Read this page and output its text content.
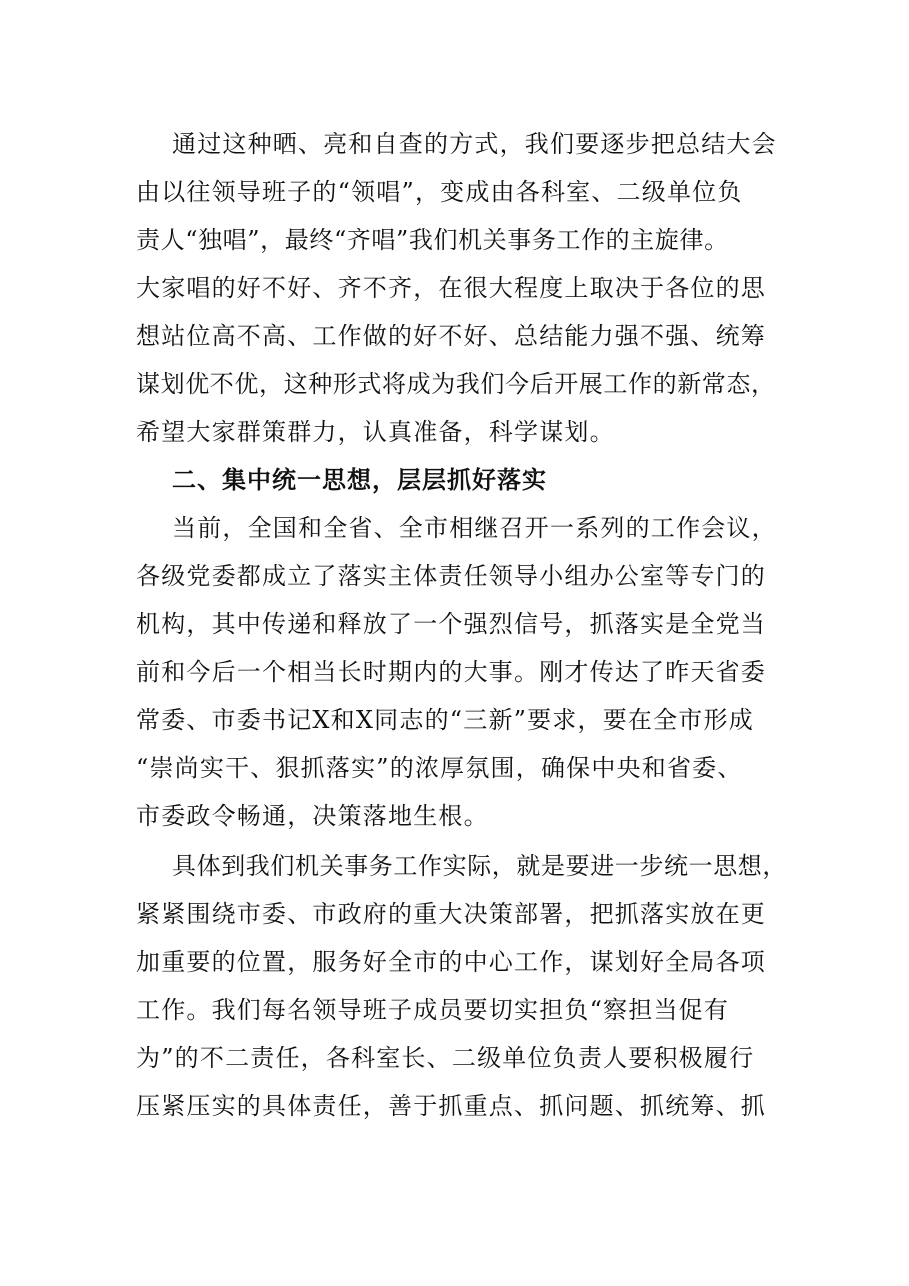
通过这种晒、亮和自查的方式，我们要逐步把总结大会
由以往领导班子的“领唱”，变成由各科室、二级单位负
责人“独唱”，最终“齐唱”我们机关事务工作的主旋律。
大家唱的好不好、齐不齐，在很大程度上取决于各位的思
想站位高不高、工作做的好不好、总结能力强不强、统筹
谋划优不优，这种形式将成为我们今后开展工作的新常态，
希望大家群策群力，认真准备，科学谋划。
二、集中统一思想，层层抓好落实
当前，全国和全省、全市相继召开一系列的工作会议，
各级党委都成立了落实主体责任领导小组办公室等专门的
机构，其中传递和释放了一个强烈信号，抓落实是全党当
前和今后一个相当长时期内的大事。刚才传达了昨天省委
常委、市委书记X和X同志的“三新”要求，要在全市形成
“崇尚实干、狠抓落实”的浓厚氛围，确保中央和省委、
市委政令畅通，决策落地生根。
具体到我们机关事务工作实际，就是要进一步统一思想，
紧紧围绕市委、市政府的重大决策部署，把抓落实放在更
加重要的位置，服务好全市的中心工作，谋划好全局各项
工作。我们每名领导班子成员要切实担负“察担当促有
为”的不二责任，各科室长、二级单位负责人要积极履行
压紧压实的具体责任，善于抓重点、抓问题、抓统筹、抓
